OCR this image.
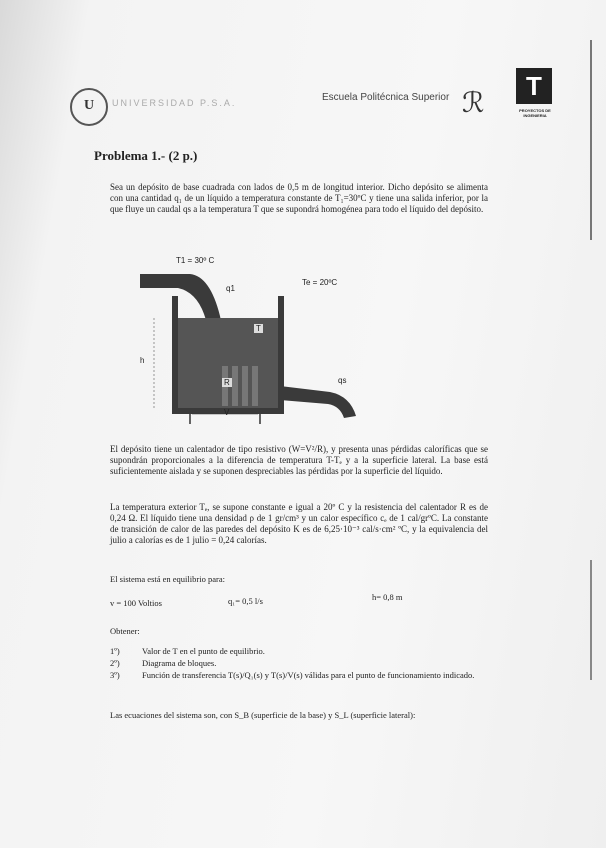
U	UNIVERSIDAD P.S.A.	Escuela Politécnica Superior ℛ	T
PROYECTOS DE INGENIERIA
Problema 1.- (2 p.)
Sea un depósito de base cuadrada con lados de 0,5 m de longitud interior. Dicho depósito se alimenta con una cantidad q₁ de un líquido a temperatura constante de T₁=30ºC y tiene una salida inferior, por la que fluye un caudal qs a la temperatura T que se supondrá homogénea para todo el líquido del depósito.
T1 = 30º C
q1
Te = 20ºC
T
R
h
qs
V
El depósito tiene un calentador de tipo resistivo (W=V²/R), y presenta unas pérdidas caloríficas que se supondrán proporcionales a la diferencia de temperatura T-Tₑ y a la superficie lateral. La base está suficientemente aislada y se suponen despreciables las pérdidas por la superficie del líquido.
La temperatura exterior Tₑ, se supone constante e igual a 20º C y la resistencia del calentador R es de 0,24 Ω. El líquido tiene una densidad ρ de 1 gr/cm³ y un calor específico cₑ de 1 cal/grºC. La constante de transición de calor de las paredes del depósito K es de 6,25·10⁻³ cal/s·cm² ºC, y la equivalencia del julio a calorías es de 1 julio = 0,24 calorías.
El sistema está en equilibrio para:
v = 100 Voltios	q₁= 0,5 l/s	h= 0,8 m
Obtener:
1º)	Valor de T en el punto de equilibrio.
2º)	Diagrama de bloques.
3º)	Función de transferencia T(s)/Q₁(s) y T(s)/V(s) válidas para el punto de funcionamiento indicado.
Las ecuaciones del sistema son, con S_B (superficie de la base) y S_L (superficie lateral):
